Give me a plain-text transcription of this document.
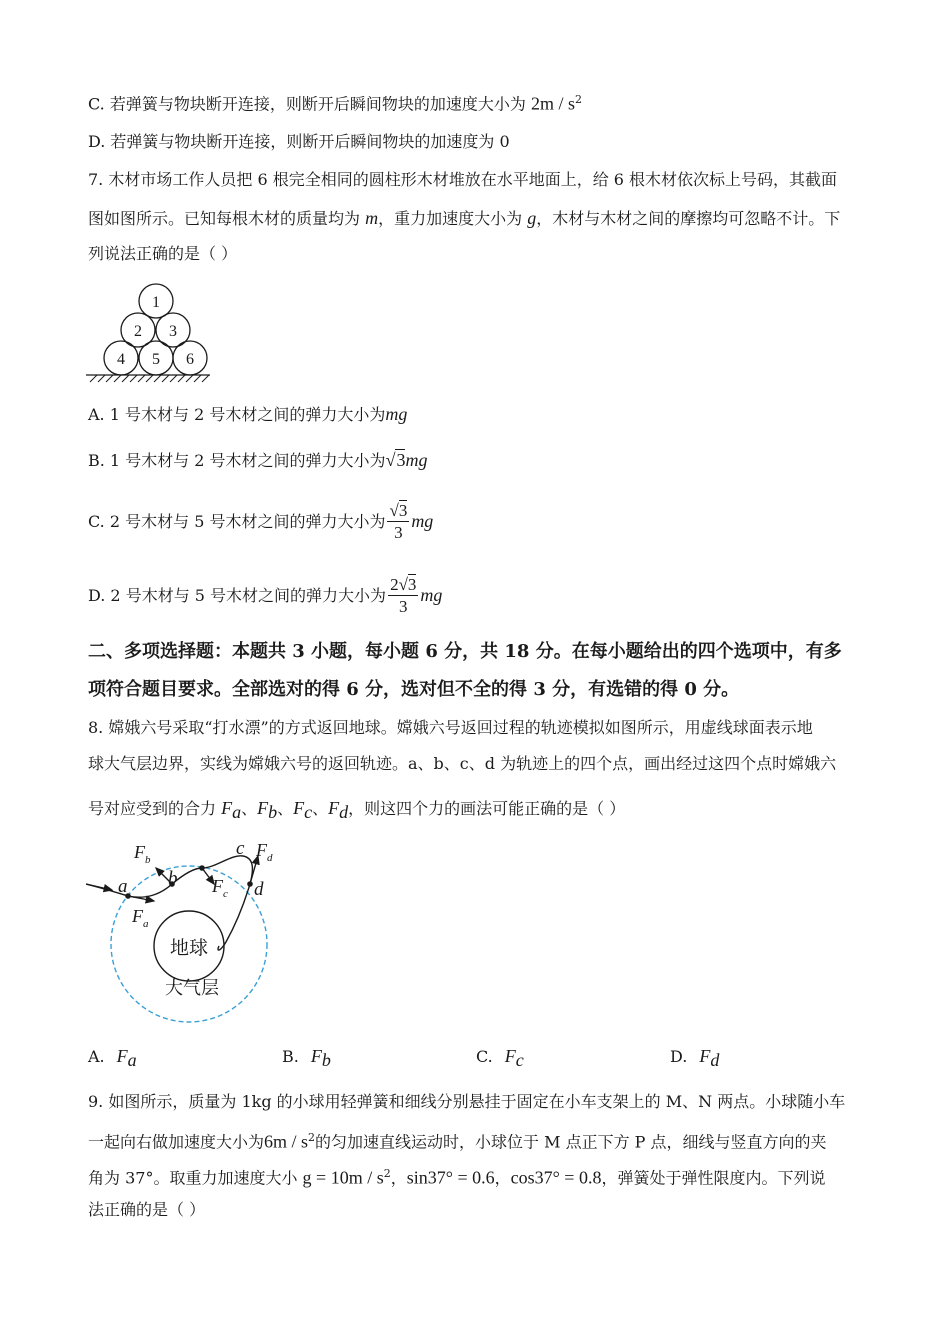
C. 若弹簧与物块断开连接，则断开后瞬间物块的加速度大小为 $2m / s^2$
D. 若弹簧与物块断开连接，则断开后瞬间物块的加速度为 0
7. 木材市场工作人员把 6 根完全相同的圆柱形木材堆放在水平地面上，给 6 根木材依次标上号码，其截面
图如图所示。已知每根木材的质量均为 m，重力加速度大小为 g，木材与木材之间的摩擦均可忽略不计。下
列说法正确的是（ ）
1
2 3
4 5 6
A. 1 号木材与 2 号木材之间的弹力大小为mg
B. 1 号木材与 2 号木材之间的弹力大小为√3mg
C. 2 号木材与 5 号木材之间的弹力大小为 $\frac{√3}{3}$ mg
D. 2 号木材与 5 号木材之间的弹力大小为 $\frac{2√3}{3}$ mg
二、多项选择题：本题共 3 小题，每小题 6 分，共 18 分。在每小题给出的四个选项中，有多
项符合题目要求。全部选对的得 6 分，选对但不全的得 3 分，有选错的得 0 分。
8. 嫦娥六号采取“打水漂”的方式返回地球。嫦娥六号返回过程的轨迹模拟如图所示，用虚线球面表示地
球大气层边界，实线为嫦娥六号的返回轨迹。a、b、c、d 为轨迹上的四个点，画出经过这四个点时嫦娥六
号对应受到的合力 $F_a$、$F_b$、$F_c$、$F_d$，则这四个力的画法可能正确的是（ ）
地球
大气层
a b
c
d
$F_b$
$F_a$
$F_c$
$F_d$
A. $F_a$	B. $F_b$	C. $F_c$	D. $F_d$
9. 如图所示，质量为 1kg 的小球用轻弹簧和细线分别悬挂于固定在小车支架上的 M、N 两点。小球随小车
一起向右做加速度大小为$6m / s^2$的匀加速直线运动时，小球位于 M 点正下方 P 点，细线与竖直方向的夹
角为 37°。取重力加速度大小 $g = 10m / s^2$，sin37° = 0.6，cos37° = 0.8，弹簧处于弹性限度内。下列说
法正确的是（ ）
